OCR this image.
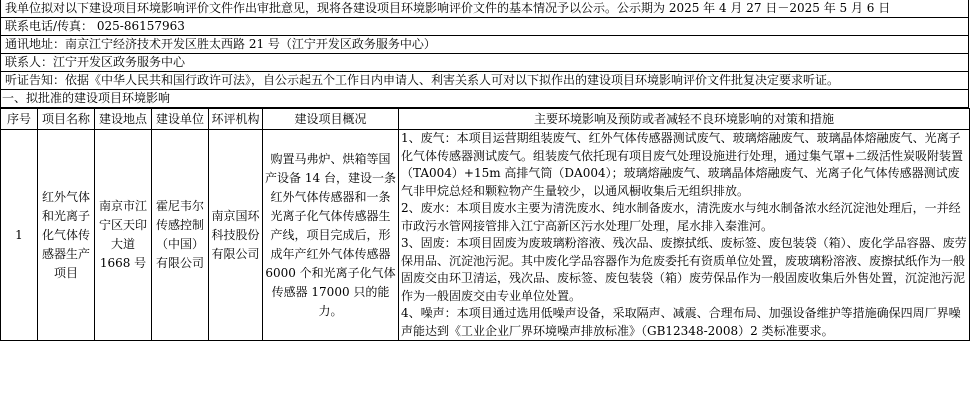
我单位拟对以下建设项目环境影响评价文件作出审批意见，现将各建设项目环境影响评价文件的基本情况予以公示。公示期为 2025 年 4 月 27 日－2025 年 5 月 6 日
联系电话/传真： 025-86157963
通讯地址：南京江宁经济技术开发区胜太西路 21 号（江宁开发区政务服务中心）
联系人：江宁开发区政务服务中心
听证告知：依据《中华人民共和国行政许可法》，自公示起五个工作日内申请人、利害关系人可对以下拟作出的建设项目环境影响评价文件批复决定要求听证。
一、拟批准的建设项目环境影响
序号	项目名称	建设地点	建设单位	环评机构	建设项目概况	主要环境影响及预防或者减轻不良环境影响的对策和措施
1	红外气体和光离子化气体传感器生产项目	南京市江宁区天印大道 1668 号	霍尼韦尔传感控制（中国）有限公司	南京国环科技股份有限公司	购置马弗炉、烘箱等国产设备 14 台，建设一条红外气体传感器和一条光离子化气体传感器生产线，项目完成后，形成年产红外气体传感器 6000 个和光离子化气体传感器 17000 只的能力。	1、废气：本项目运营期组装废气、红外气体传感器测试废气、玻璃熔融废气、玻璃晶体熔融废气、光离子化气体传感器测试废气。组装废气依托现有项目废气处理设施进行处理，通过集气罩+二级活性炭吸附装置（TA004）+15m 高排气筒（DA004）；玻璃熔融废气、玻璃晶体熔融废气、光离子化气体传感器测试废气非甲烷总烃和颗粒物产生量较少，以通风橱收集后无组织排放。
2、废水：本项目废水主要为清洗废水、纯水制备废水，清洗废水与纯水制备浓水经沉淀池处理后，一并经市政污水管网接管排入江宁高新区污水处理厂处理，尾水排入秦淮河。
3、固废：本项目固废为废玻璃粉溶液、残次品、废擦拭纸、废标签、废包装袋（箱）、废化学品容器、废劳保用品、沉淀池污泥。其中废化学品容器作为危废委托有资质单位处置，废玻璃粉溶液、废擦拭纸作为一般固废交由环卫清运，残次品、废标签、废包装袋（箱）废劳保品作为一般固废收集后外售处置，沉淀池污泥作为一般固废交由专业单位处置。
4、噪声：本项目通过选用低噪声设备，采取隔声、减震、合理布局、加强设备维护等措施确保四周厂界噪声能达到《工业企业厂界环境噪声排放标准》（GB12348-2008）2 类标准要求。
